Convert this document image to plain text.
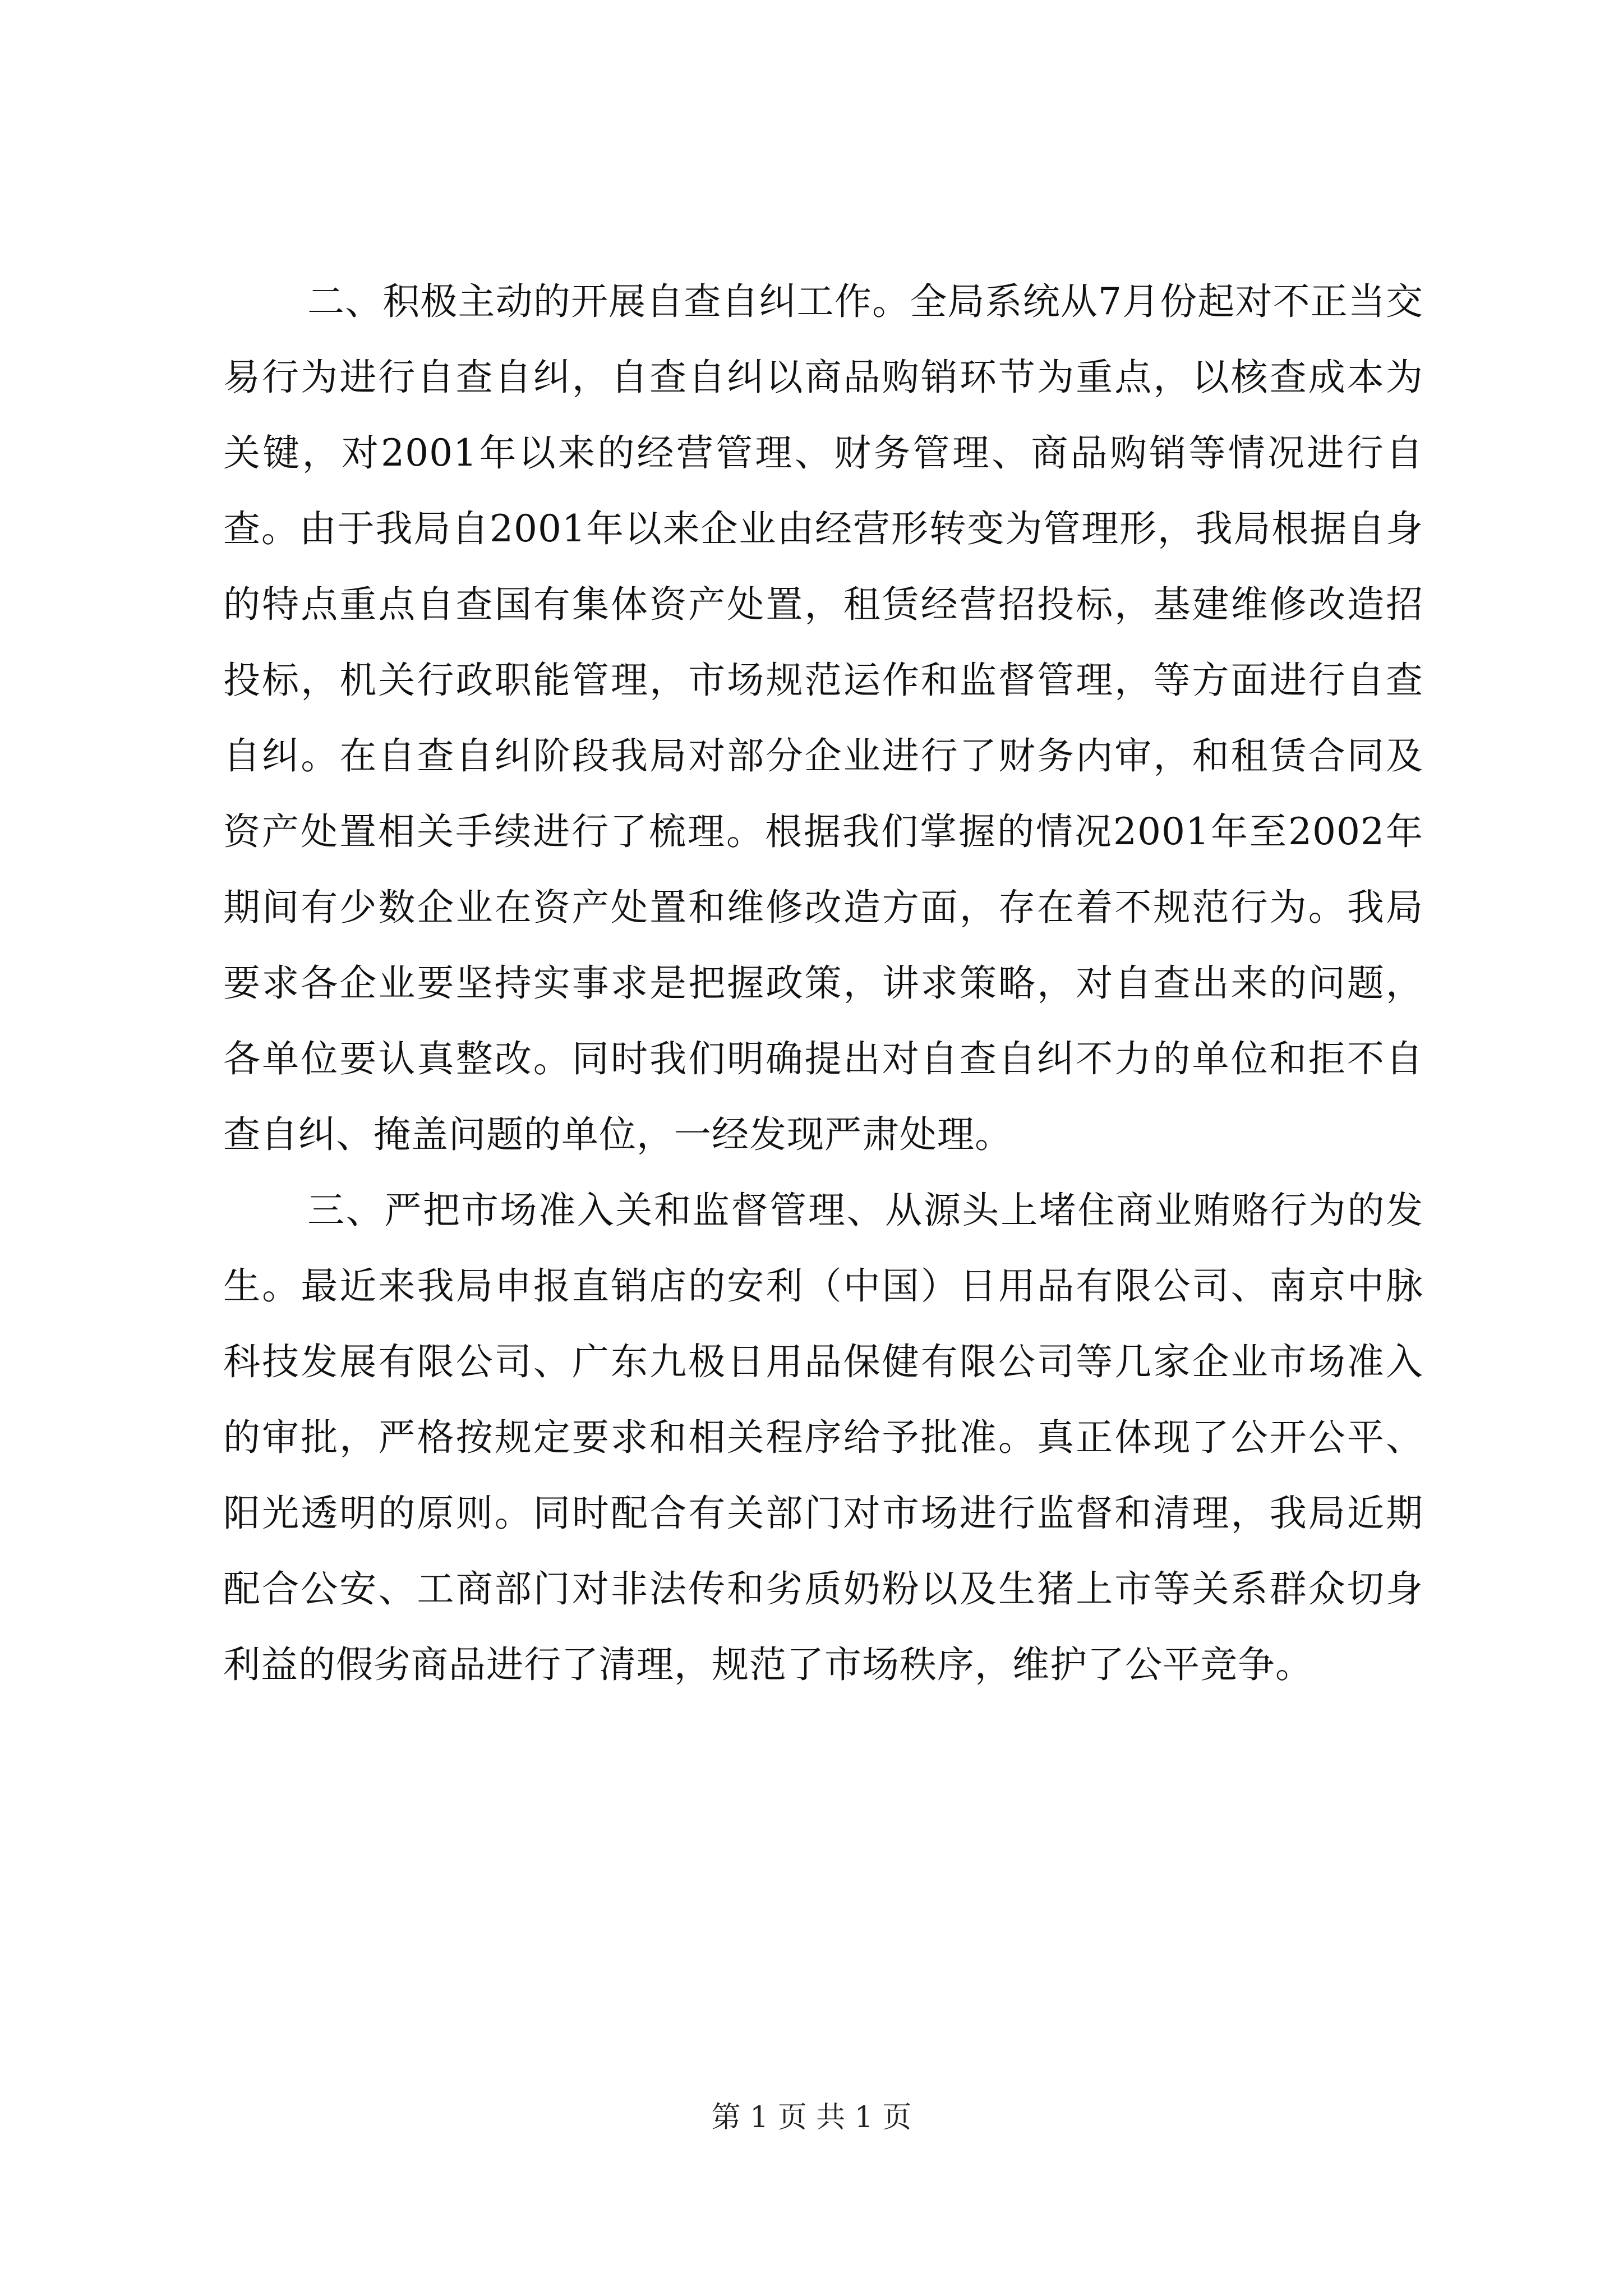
二、积极主动的开展自查自纠工作。全局系统从7月份起对不正当交易行为进行自查自纠，自查自纠以商品购销环节为重点，以核查成本为关键，对2001年以来的经营管理、财务管理、商品购销等情况进行自查。由于我局自2001年以来企业由经营形转变为管理形，我局根据自身的特点重点自查国有集体资产处置，租赁经营招投标，基建维修改造招投标，机关行政职能管理，市场规范运作和监督管理，等方面进行自查自纠。在自查自纠阶段我局对部分企业进行了财务内审，和租赁合同及资产处置相关手续进行了梳理。根据我们掌握的情况2001年至2002年期间有少数企业在资产处置和维修改造方面，存在着不规范行为。我局要求各企业要坚持实事求是把握政策，讲求策略，对自查出来的问题，各单位要认真整改。同时我们明确提出对自查自纠不力的单位和拒不自查自纠、掩盖问题的单位，一经发现严肃处理。

三、严把市场准入关和监督管理、从源头上堵住商业贿赂行为的发生。最近来我局申报直销店的安利（中国）日用品有限公司、南京中脉科技发展有限公司、广东九极日用品保健有限公司等几家企业市场准入的审批，严格按规定要求和相关程序给予批准。真正体现了公开公平、阳光透明的原则。同时配合有关部门对市场进行监督和清理，我局近期配合公安、工商部门对非法传和劣质奶粉以及生猪上市等关系群众切身利益的假劣商品进行了清理，规范了市场秩序，维护了公平竞争。

第 1 页 共 1 页
